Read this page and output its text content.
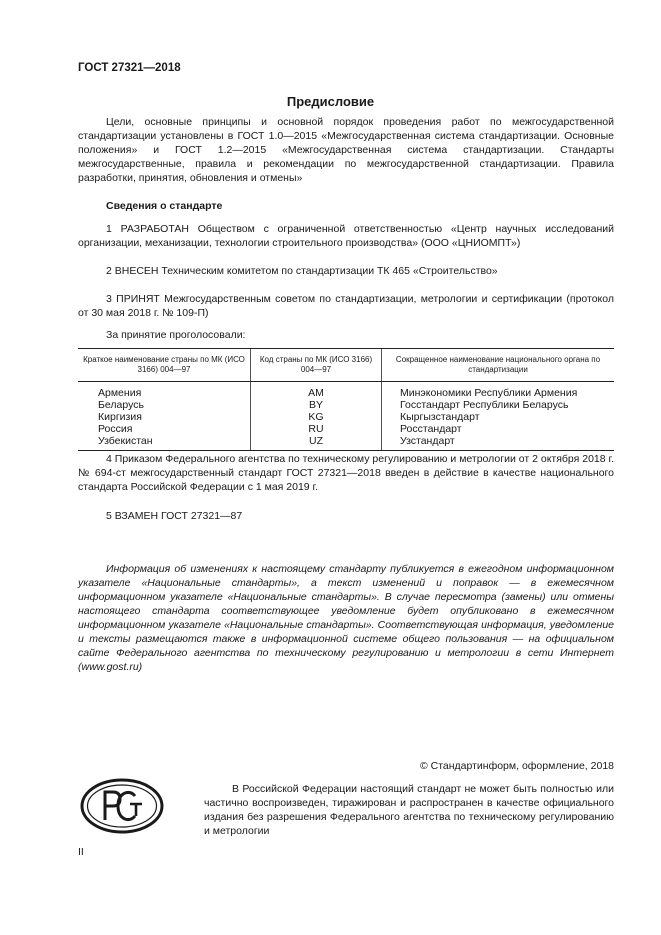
ГОСТ 27321—2018
Предисловие
Цели, основные принципы и основной порядок проведения работ по межгосударственной стандартизации установлены в ГОСТ 1.0—2015 «Межгосударственная система стандартизации. Основные положения» и ГОСТ 1.2—2015 «Межгосударственная система стандартизации. Стандарты межгосударственные, правила и рекомендации по межгосударственной стандартизации. Правила разработки, принятия, обновления и отмены»
Сведения о стандарте
1 РАЗРАБОТАН Обществом с ограниченной ответственностью «Центр научных исследований организации, механизации, технологии строительного производства» (ООО «ЦНИОМПТ»)
2 ВНЕСЕН Техническим комитетом по стандартизации ТК 465 «Строительство»
3 ПРИНЯТ Межгосударственным советом по стандартизации, метрологии и сертификации (протокол от 30 мая 2018 г. № 109-П)
За принятие проголосовали:
Краткое наименование страны по МК (ИСО 3166) 004—97	Код страны по МК (ИСО 3166) 004—97	Сокращенное наименование национального органа по стандартизации
Армения	AM	Минэкономики Республики Армения
Беларусь	BY	Госстандарт Республики Беларусь
Киргизия	KG	Кыргызстандарт
Россия	RU	Росстандарт
Узбекистан	UZ	Узстандарт
4 Приказом Федерального агентства по техническому регулированию и метрологии от 2 октября 2018 г. № 694-ст межгосударственный стандарт ГОСТ 27321—2018 введен в действие в качестве национального стандарта Российской Федерации с 1 мая 2019 г.
5 ВЗАМЕН ГОСТ 27321—87
Информация об изменениях к настоящему стандарту публикуется в ежегодном информационном указателе «Национальные стандарты», а текст изменений и поправок — в ежемесячном информационном указателе «Национальные стандарты». В случае пересмотра (замены) или отмены настоящего стандарта соответствующее уведомление будет опубликовано в ежемесячном информационном указателе «Национальные стандарты». Соответствующая информация, уведомление и тексты размещаются также в информационной системе общего пользования — на официальном сайте Федерального агентства по техническому регулированию и метрологии в сети Интернет (www.gost.ru)
© Стандартинформ, оформление, 2018
В Российской Федерации настоящий стандарт не может быть полностью или частично воспроизведен, тиражирован и распространен в качестве официального издания без разрешения Федерального агентства по техническому регулированию и метрологии
II
